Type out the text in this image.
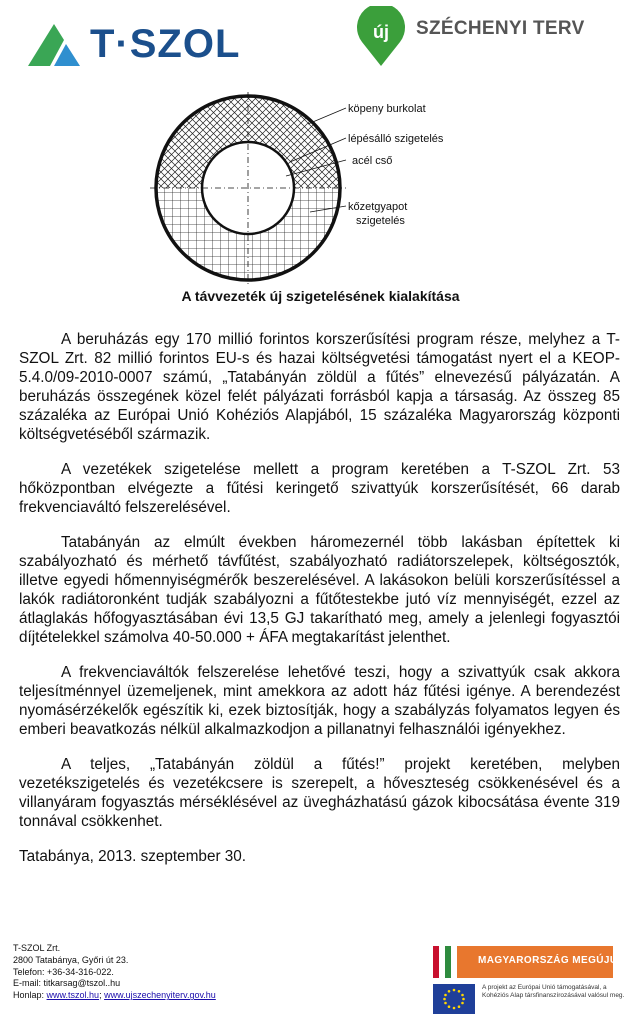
T·SZOL	új SZÉCHENYI TERV
köpeny burkolat
lépésálló szigetelés
acél cső
kőzetgyapot
szigetelés
A távvezeték új szigetelésének kialakítása

A beruházás egy 170 millió forintos korszerűsítési program része, melyhez a T-SZOL Zrt. 82 millió forintos EU-s és hazai költségvetési támogatást nyert el a KEOP-5.4.0/09-2010-0007 számú, „Tatabányán zöldül a fűtés” elnevezésű pályázatán. A beruházás összegének közel felét pályázati forrásból kapja a társaság. Az összeg 85 százaléka az Európai Unió Kohéziós Alapjából, 15 százaléka Magyarország központi költségvetéséből származik.

A vezetékek szigetelése mellett a program keretében a T-SZOL Zrt. 53 hőközpontban elvégezte a fűtési keringető szivattyúk korszerűsítését, 66 darab frekvenciaváltó felszerelésével.

Tatabányán az elmúlt években háromezernél több lakásban építettek ki szabályozható és mérhető távfűtést, szabályozható radiátorszelepek, költségosztók, illetve egyedi hőmennyiségmérők beszerelésével. A lakásokon belüli korszerűsítéssel a lakók radiátoronként tudják szabályozni a fűtőtestekbe jutó víz mennyiségét, ezzel az átlaglakás hőfogyasztásában évi 13,5 GJ takarítható meg, amely a jelenlegi fogyasztói díjtételekkel számolva 40-50.000 + ÁFA megtakarítást jelenthet.

A frekvenciaváltók felszerelése lehetővé teszi, hogy a szivattyúk csak akkora teljesítménnyel üzemeljenek, mint amekkora az adott ház fűtési igénye. A berendezést nyomásérzékelők egészítik ki, ezek biztosítják, hogy a szabályzás folyamatos legyen és emberi beavatkozás nélkül alkalmazkodjon a pillanatnyi felhasználói igényekhez.

A teljes, „Tatabányán zöldül a fűtés!” projekt keretében, melyben vezetékszigetelés és vezetékcsere is szerepelt, a hőveszteség csökkenésével és a villanyáram fogyasztás mérséklésével az üvegházhatású gázok kibocsátása évente 319 tonnával csökkenhet.

Tatabánya, 2013. szeptember 30.

T-SZOL Zrt.
2800 Tatabánya, Győri út 23.
Telefon: +36-34-316-022.
E-mail: titkarsag@tszol..hu
Honlap: www.tszol.hu; www.ujszechenyiterv.gov.hu
MAGYARORSZÁG MEGÚJUL
A projekt az Európai Unió támogatásával, a Kohéziós Alap társfinanszírozásával valósul meg.
